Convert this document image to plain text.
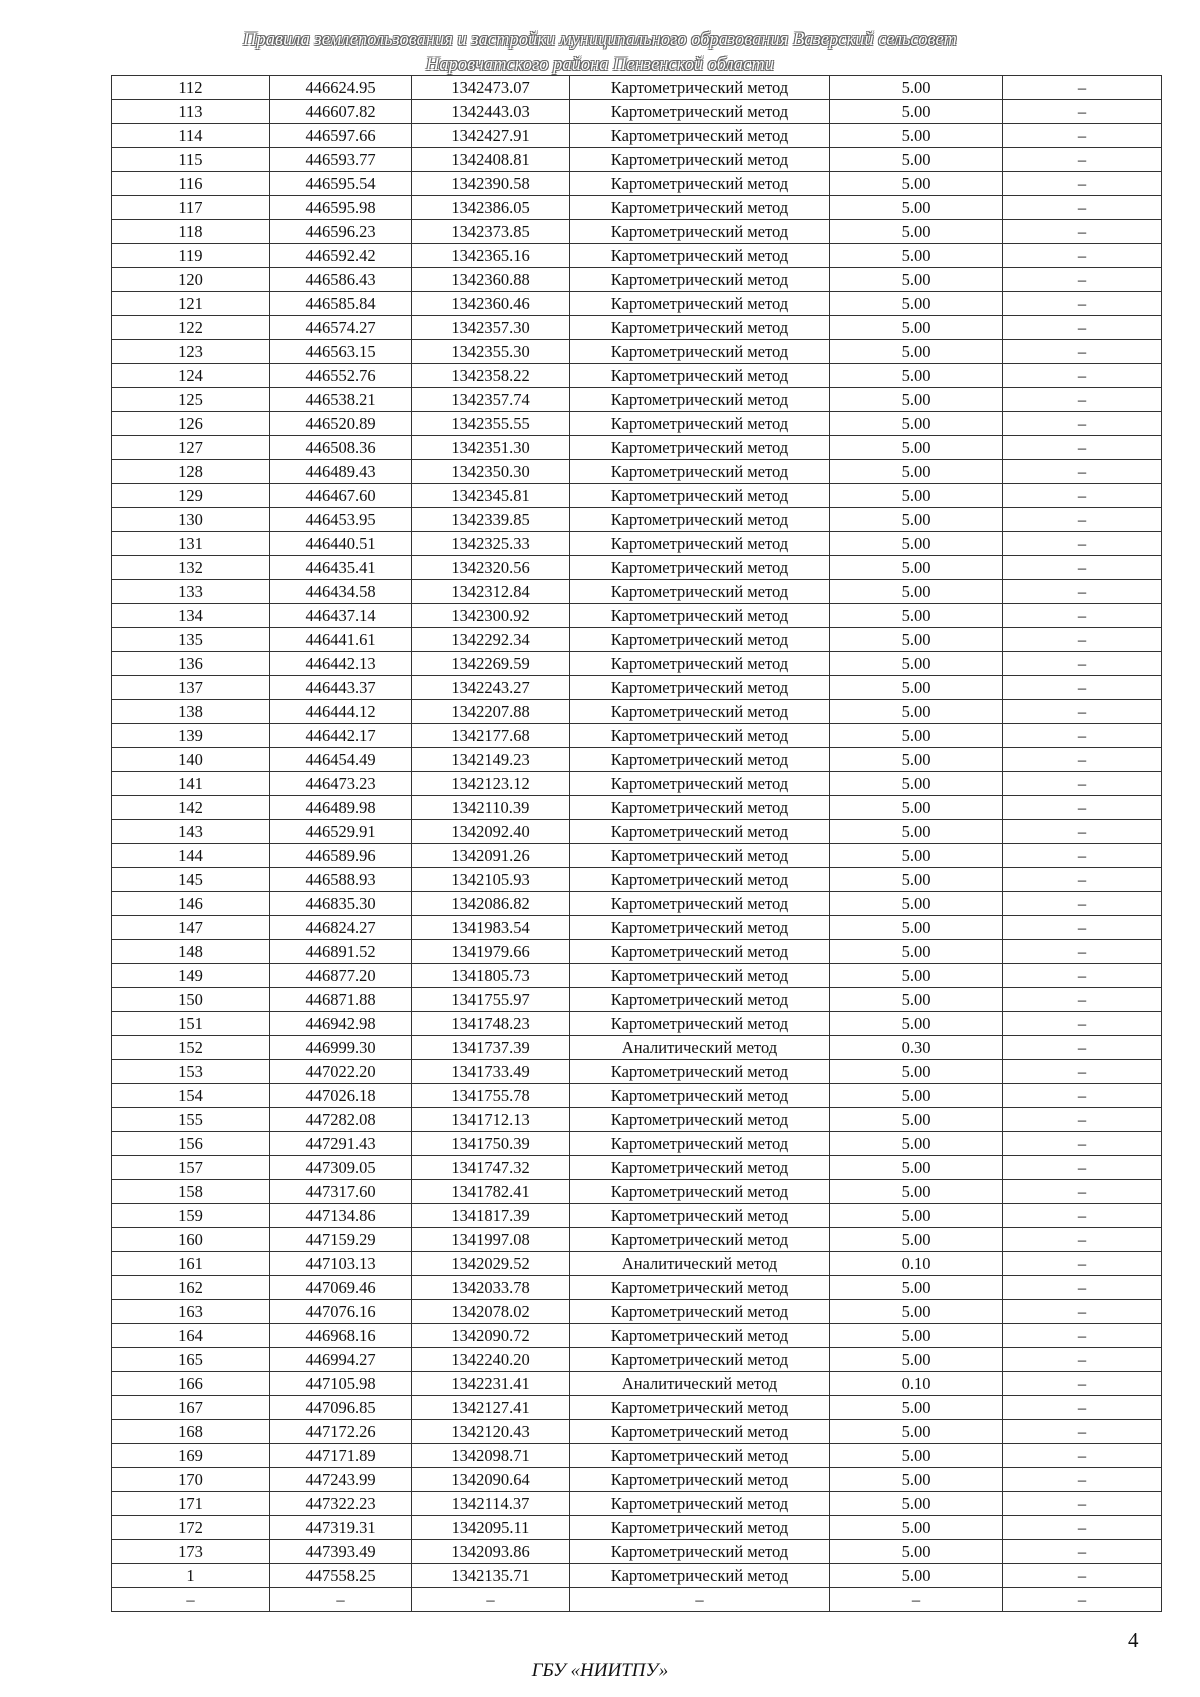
Правила землепользования и застройки муниципального образования Вазерский сельсовет
Наровчатского района Пензенской области
112	446624.95	1342473.07	Картометрический метод	5.00	–
113	446607.82	1342443.03	Картометрический метод	5.00	–
114	446597.66	1342427.91	Картометрический метод	5.00	–
115	446593.77	1342408.81	Картометрический метод	5.00	–
116	446595.54	1342390.58	Картометрический метод	5.00	–
117	446595.98	1342386.05	Картометрический метод	5.00	–
118	446596.23	1342373.85	Картометрический метод	5.00	–
119	446592.42	1342365.16	Картометрический метод	5.00	–
120	446586.43	1342360.88	Картометрический метод	5.00	–
121	446585.84	1342360.46	Картометрический метод	5.00	–
122	446574.27	1342357.30	Картометрический метод	5.00	–
123	446563.15	1342355.30	Картометрический метод	5.00	–
124	446552.76	1342358.22	Картометрический метод	5.00	–
125	446538.21	1342357.74	Картометрический метод	5.00	–
126	446520.89	1342355.55	Картометрический метод	5.00	–
127	446508.36	1342351.30	Картометрический метод	5.00	–
128	446489.43	1342350.30	Картометрический метод	5.00	–
129	446467.60	1342345.81	Картометрический метод	5.00	–
130	446453.95	1342339.85	Картометрический метод	5.00	–
131	446440.51	1342325.33	Картометрический метод	5.00	–
132	446435.41	1342320.56	Картометрический метод	5.00	–
133	446434.58	1342312.84	Картометрический метод	5.00	–
134	446437.14	1342300.92	Картометрический метод	5.00	–
135	446441.61	1342292.34	Картометрический метод	5.00	–
136	446442.13	1342269.59	Картометрический метод	5.00	–
137	446443.37	1342243.27	Картометрический метод	5.00	–
138	446444.12	1342207.88	Картометрический метод	5.00	–
139	446442.17	1342177.68	Картометрический метод	5.00	–
140	446454.49	1342149.23	Картометрический метод	5.00	–
141	446473.23	1342123.12	Картометрический метод	5.00	–
142	446489.98	1342110.39	Картометрический метод	5.00	–
143	446529.91	1342092.40	Картометрический метод	5.00	–
144	446589.96	1342091.26	Картометрический метод	5.00	–
145	446588.93	1342105.93	Картометрический метод	5.00	–
146	446835.30	1342086.82	Картометрический метод	5.00	–
147	446824.27	1341983.54	Картометрический метод	5.00	–
148	446891.52	1341979.66	Картометрический метод	5.00	–
149	446877.20	1341805.73	Картометрический метод	5.00	–
150	446871.88	1341755.97	Картометрический метод	5.00	–
151	446942.98	1341748.23	Картометрический метод	5.00	–
152	446999.30	1341737.39	Аналитический метод	0.30	–
153	447022.20	1341733.49	Картометрический метод	5.00	–
154	447026.18	1341755.78	Картометрический метод	5.00	–
155	447282.08	1341712.13	Картометрический метод	5.00	–
156	447291.43	1341750.39	Картометрический метод	5.00	–
157	447309.05	1341747.32	Картометрический метод	5.00	–
158	447317.60	1341782.41	Картометрический метод	5.00	–
159	447134.86	1341817.39	Картометрический метод	5.00	–
160	447159.29	1341997.08	Картометрический метод	5.00	–
161	447103.13	1342029.52	Аналитический метод	0.10	–
162	447069.46	1342033.78	Картометрический метод	5.00	–
163	447076.16	1342078.02	Картометрический метод	5.00	–
164	446968.16	1342090.72	Картометрический метод	5.00	–
165	446994.27	1342240.20	Картометрический метод	5.00	–
166	447105.98	1342231.41	Аналитический метод	0.10	–
167	447096.85	1342127.41	Картометрический метод	5.00	–
168	447172.26	1342120.43	Картометрический метод	5.00	–
169	447171.89	1342098.71	Картометрический метод	5.00	–
170	447243.99	1342090.64	Картометрический метод	5.00	–
171	447322.23	1342114.37	Картометрический метод	5.00	–
172	447319.31	1342095.11	Картометрический метод	5.00	–
173	447393.49	1342093.86	Картометрический метод	5.00	–
1	447558.25	1342135.71	Картометрический метод	5.00	–
–	–	–	–	–	–
4
ГБУ «НИИТПУ»
